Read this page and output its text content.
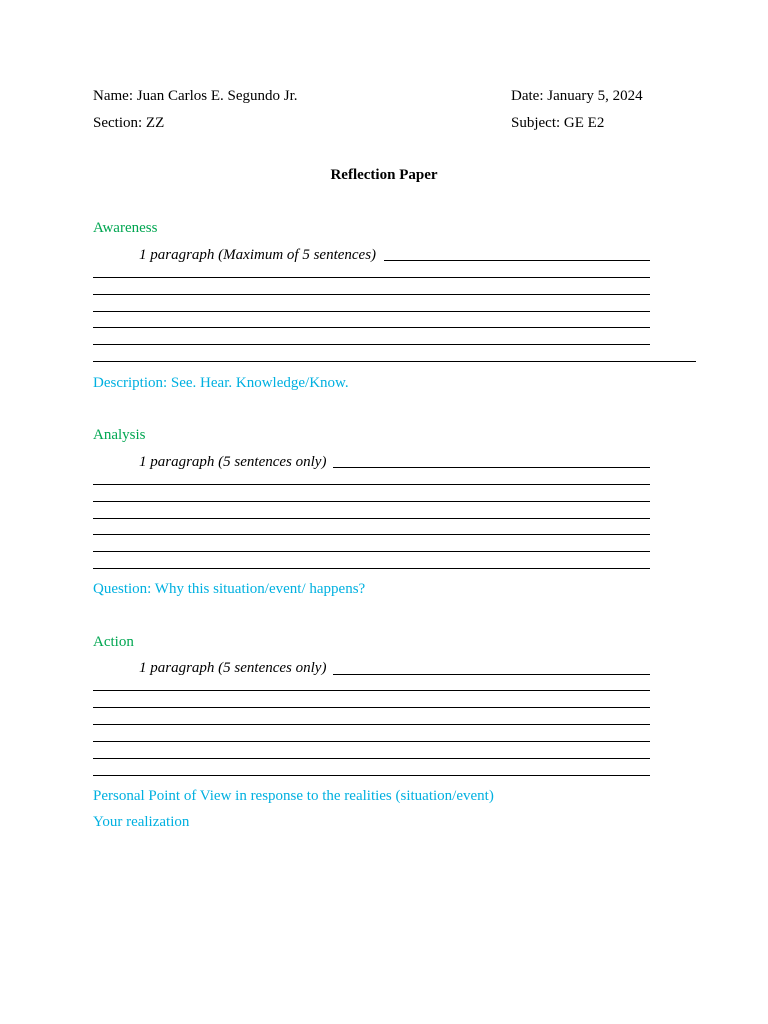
Name: Juan Carlos E. Segundo Jr.	Date: January 5, 2024
Section: ZZ	Subject: GE E2
Reflection Paper
Awareness
1 paragraph (Maximum of 5 sentences)
Description: See. Hear. Knowledge/Know.
Analysis
1 paragraph (5 sentences only)
Question: Why this situation/event/ happens?
Action
1 paragraph (5 sentences only)
Personal Point of View in response to the realities (situation/event)
Your realization
